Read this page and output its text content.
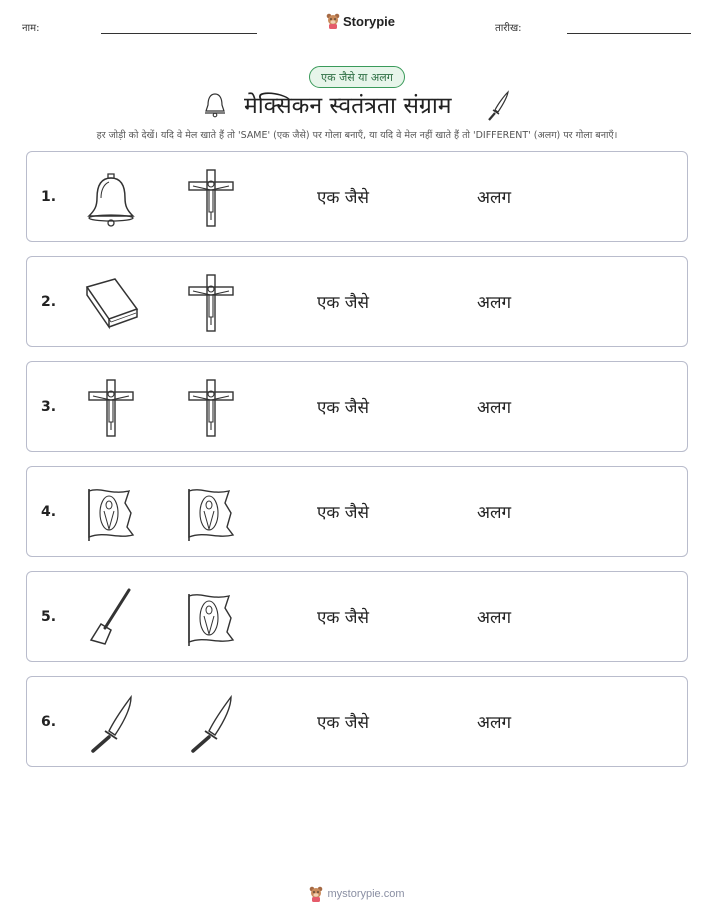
नाम:	Storypie	तारीख:
एक जैसे या अलग
मेक्सिकन स्वतंत्रता संग्राम
हर जोड़ी को देखें। यदि वे मेल खाते हैं तो 'SAME' (एक जैसे) पर गोला बनाएँ, या यदि वे मेल नहीं खाते हैं तो 'DIFFERENT' (अलग) पर गोला बनाएँ।
1.	एक जैसे	अलग
2.	एक जैसे	अलग
3.	एक जैसे	अलग
4.	एक जैसे	अलग
5.	एक जैसे	अलग
6.	एक जैसे	अलग
mystorypie.com
